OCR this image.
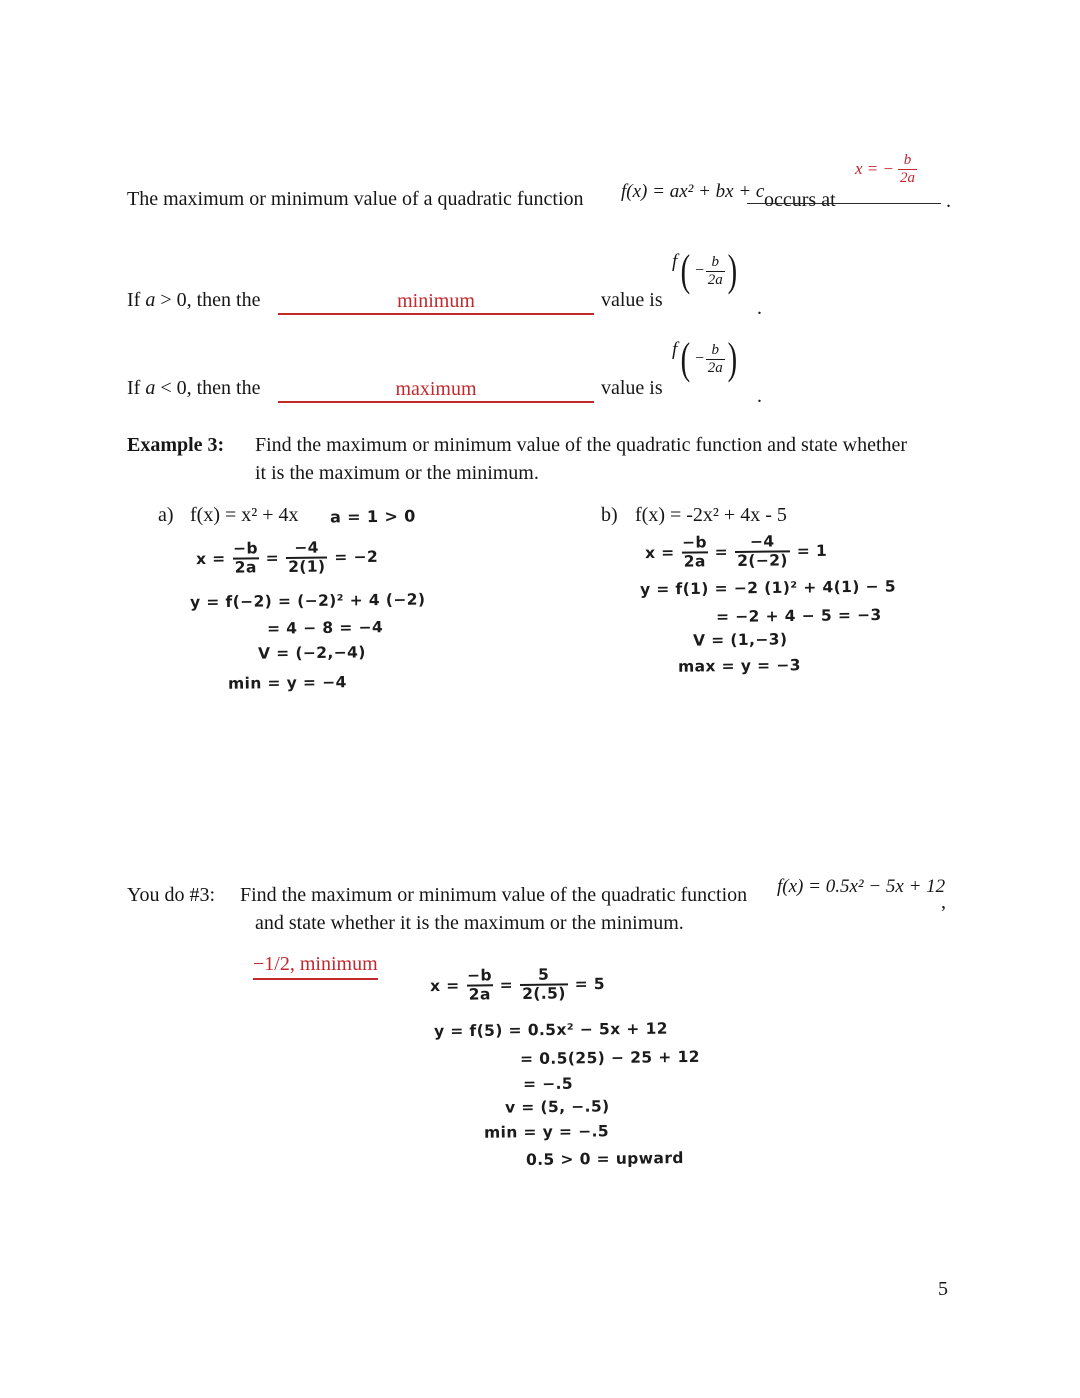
The maximum or minimum value of a quadratic function f(x) = ax² + bx + c occurs at
x = − $\frac{b}{2a}$
.
If a > 0, then the	minimum	value is
f ( − $\frac{b}{2a}$ )
.
If a < 0, then the	maximum	value is
f ( − $\frac{b}{2a}$ )
.
Example 3: Find the maximum or minimum value of the quadratic function and state whether
it is the maximum or the minimum.
a) f(x) = x² + 4x a = 1 > 0
$x = \frac{-b}{2a} = \frac{-4}{2(1)} = -2$
y = f(−2) = (−2)² + 4 (−2)
= 4 − 8 = −4
V = (−2,−4)
min = y = −4
b) f(x) = -2x² + 4x - 5
$x = \frac{-b}{2a} = \frac{-4}{2(-2)} = 1$
y = f(1) = −2 (1)² + 4(1) − 5
= −2 + 4 − 5 = −3
V = (1,−3)
max = y = −3
You do #3: Find the maximum or minimum value of the quadratic function f(x) = 0.5x² − 5x + 12
,
and state whether it is the maximum or the minimum.
−1/2, minimum
$x = \frac{-b}{2a} = \frac{5}{2(.5)} = 5$
y = f(5) = 0.5x² − 5x + 12
= 0.5(25) − 25 + 12
= −.5
v = (5, −.5)
min = y = −.5
0.5 > 0 = upward
5
